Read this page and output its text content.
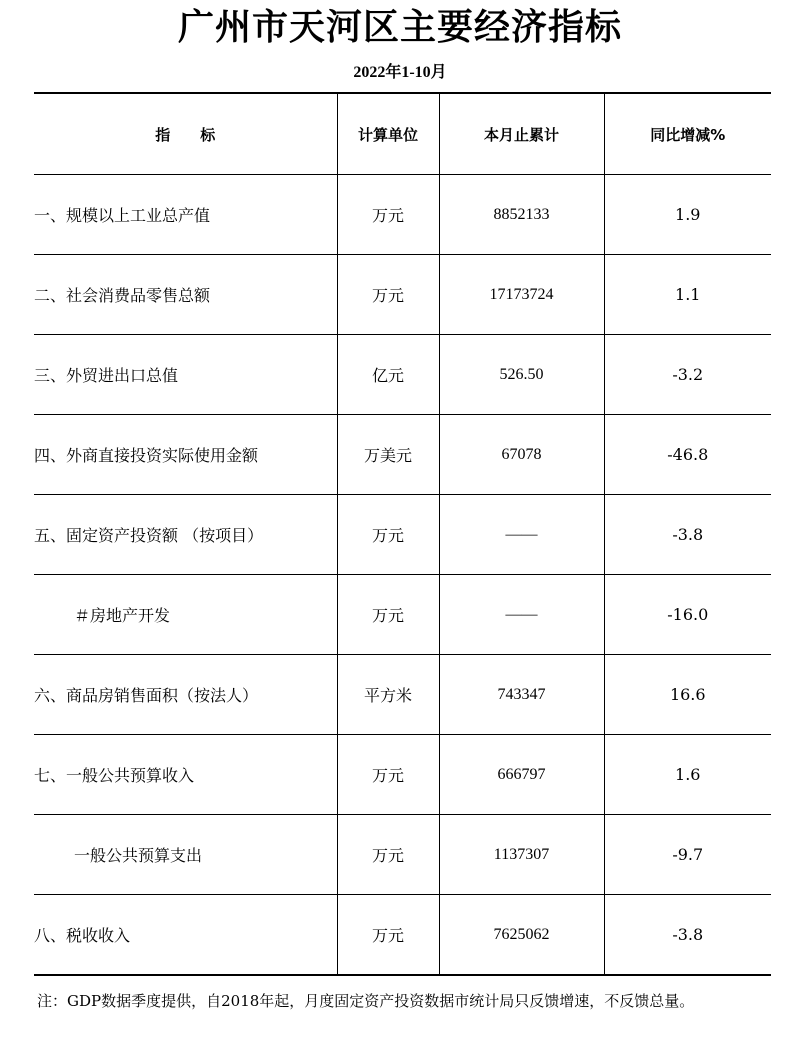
广州市天河区主要经济指标
2022年1-10月
指　　标	计算单位	本月止累计	同比增减%
一、规模以上工业总产值	万元	8852133	1.9
二、社会消费品零售总额	万元	17173724	1.1
三、外贸进出口总值	亿元	526.50	-3.2
四、外商直接投资实际使用金额	万美元	67078	-46.8
五、固定资产投资额 （按项目）	万元	——	-3.8
＃房地产开发	万元	——	-16.0
六、商品房销售面积（按法人）	平方米	743347	16.6
七、一般公共预算收入	万元	666797	1.6
一般公共预算支出	万元	1137307	-9.7
八、税收收入	万元	7625062	-3.8
注：GDP数据季度提供，自2018年起，月度固定资产投资数据市统计局只反馈增速，不反馈总量。
